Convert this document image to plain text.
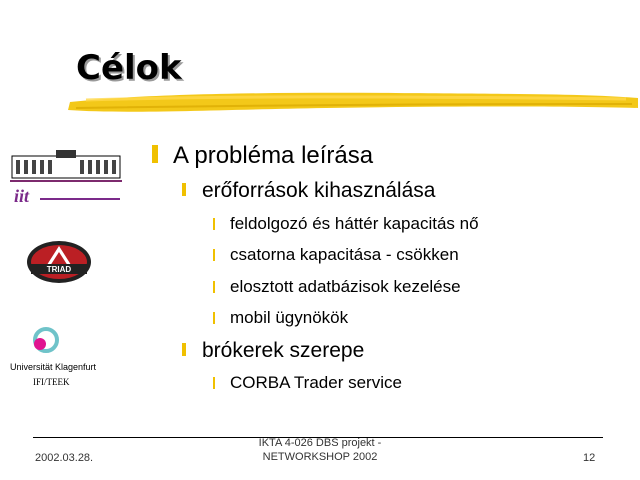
Célok
iit
TRIAD
Universität Klagenfurt
IFI/TEEK
A probléma leírása
erőforrások kihasználása
feldolgozó és háttér kapacitás nő
csatorna kapacitása - csökken
elosztott adatbázisok kezelése
mobil ügynökök
brókerek szerepe
CORBA Trader service
2002.03.28.
IKTA 4-026 DBS projekt -
NETWORKSHOP 2002	12
